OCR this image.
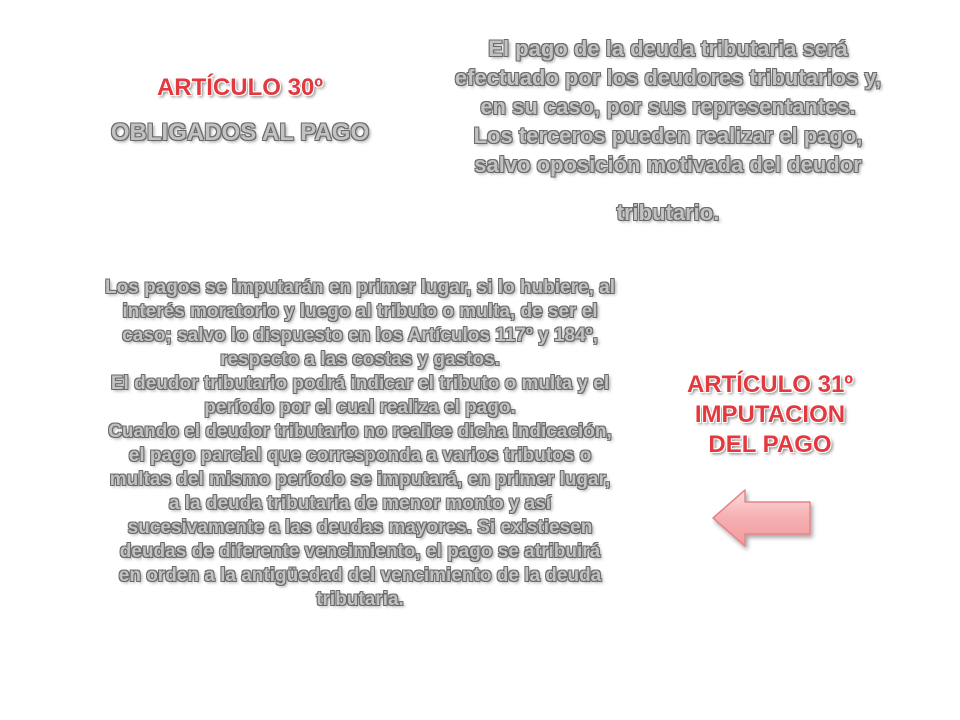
ARTÍCULO 30º
OBLIGADOS AL PAGO
El pago de la deuda tributaria será
efectuado por los deudores tributarios y,
en su caso, por sus representantes.
Los terceros pueden realizar el pago,
salvo oposición motivada del deudor
tributario.
Los pagos se imputarán en primer lugar, si lo hubiere, al
interés moratorio y luego al tributo o multa, de ser el
caso; salvo lo dispuesto en los Artículos 117º y 184º,
respecto a las costas y gastos.
El deudor tributario podrá indicar el tributo o multa y el
período por el cual realiza el pago.
Cuando el deudor tributario no realice dicha indicación,
el pago parcial que corresponda a varios tributos o
multas del mismo período se imputará, en primer lugar,
a la deuda tributaria de menor monto y así
sucesivamente a las deudas mayores. Si existiesen
deudas de diferente vencimiento, el pago se atribuirá
en orden a la antigüedad del vencimiento de la deuda
tributaria.
ARTÍCULO 31º
IMPUTACION
DEL PAGO
